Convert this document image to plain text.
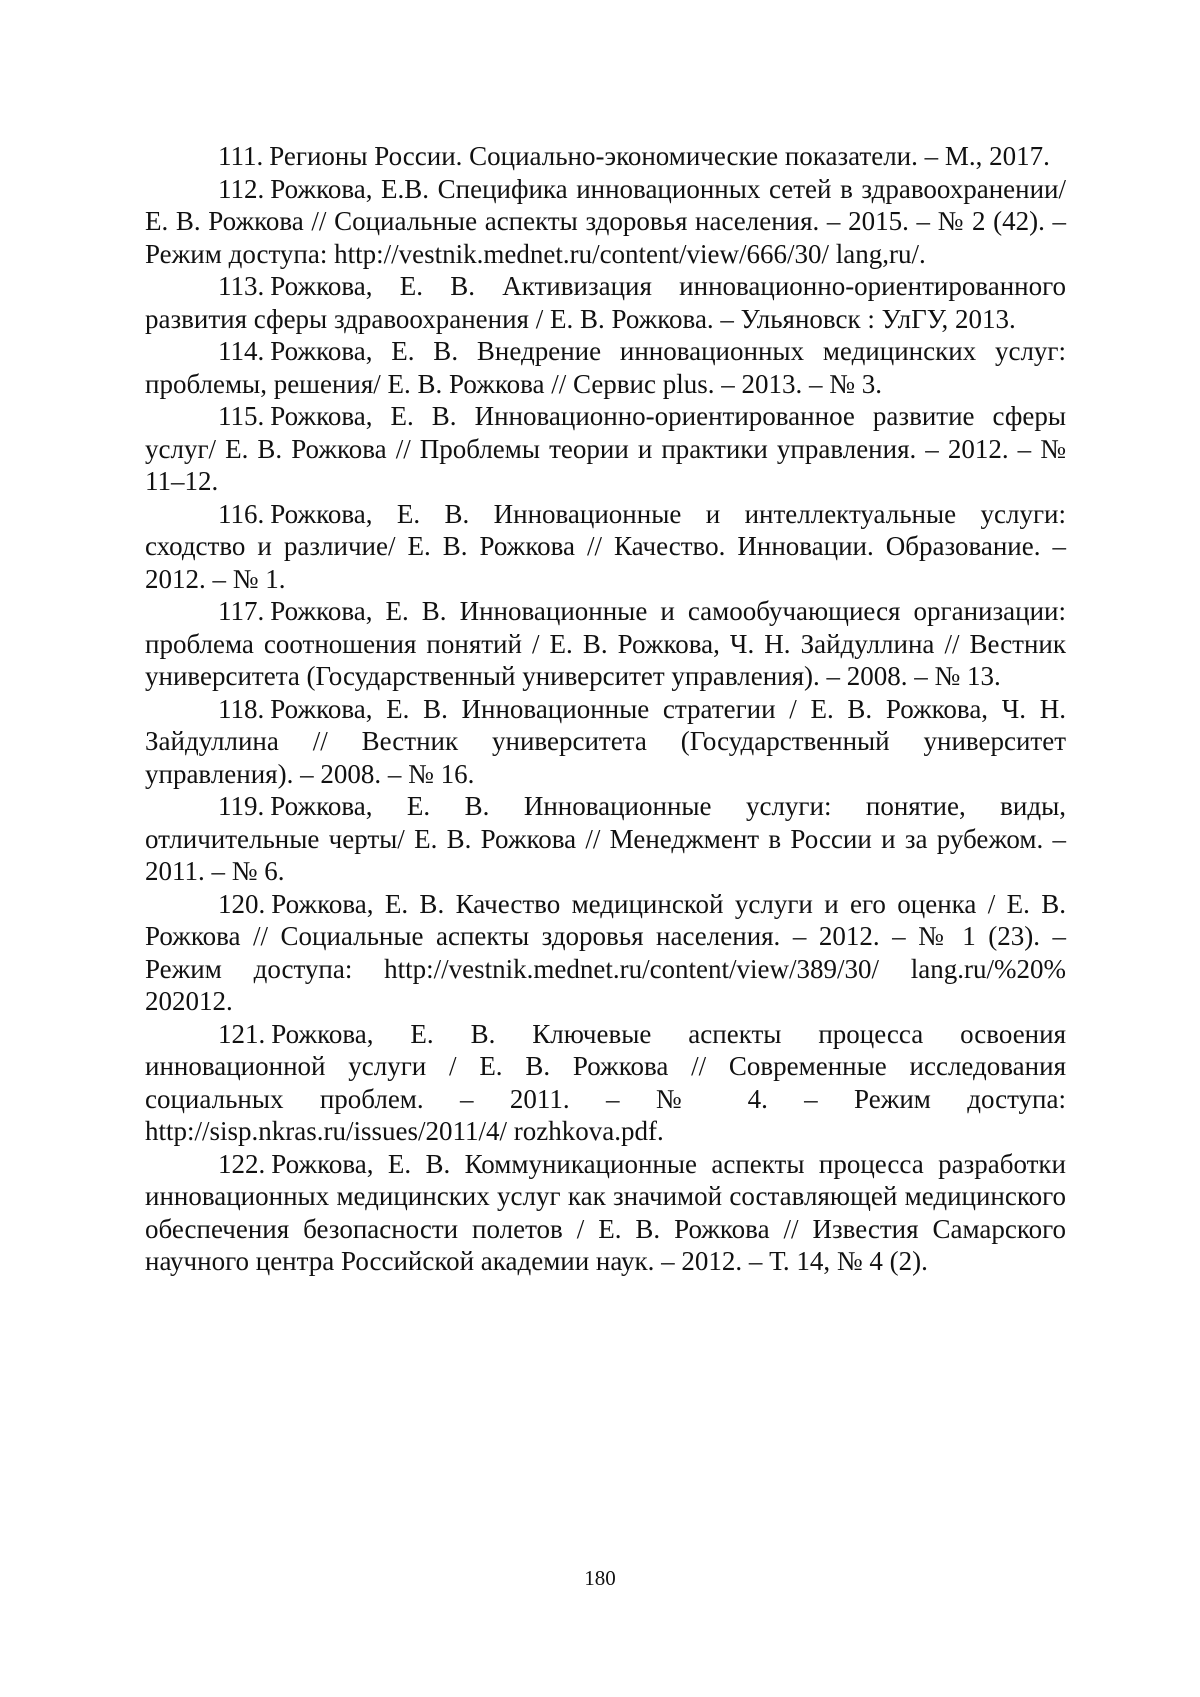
111. Регионы России. Социально-экономические показатели. – М., 2017.
112. Рожкова, Е.В. Специфика инновационных сетей в здравоохранении/ Е. В. Рожкова // Социальные аспекты здоровья населения. – 2015. – № 2 (42). – Режим доступа: http://vestnik.mednet.ru/content/view/666/30/ lang,ru/.
113. Рожкова, Е. В. Активизация инновационно-ориентированного развития сферы здравоохранения / Е. В. Рожкова. – Ульяновск : УлГУ, 2013.
114. Рожкова, Е. В. Внедрение инновационных медицинских услуг: проблемы, решения/ Е. В. Рожкова // Сервис plus. – 2013. – № 3.
115. Рожкова, Е. В. Инновационно-ориентированное развитие сферы услуг/ Е. В. Рожкова // Проблемы теории и практики управления. – 2012. – № 11–12.
116. Рожкова, Е. В. Инновационные и интеллектуальные услуги: сходство и различие/ Е. В. Рожкова // Качество. Инновации. Образование. – 2012. – № 1.
117. Рожкова, Е. В. Инновационные и самообучающиеся организации: проблема соотношения понятий / Е. В. Рожкова, Ч. Н. Зайдуллина // Вестник университета (Государственный университет управления). – 2008. – № 13.
118. Рожкова, Е. В. Инновационные стратегии / Е. В. Рожкова, Ч. Н. Зайдуллина // Вестник университета (Государственный университет управления). – 2008. – № 16.
119. Рожкова, Е. В. Инновационные услуги: понятие, виды, отличительные черты/ Е. В. Рожкова // Менеджмент в России и за рубежом. – 2011. – № 6.
120. Рожкова, Е. В. Качество медицинской услуги и его оценка / Е. В. Рожкова // Социальные аспекты здоровья населения. – 2012. – № 1 (23). – Режим доступа: http://vestnik.mednet.ru/content/view/389/30/ lang.ru/%20% 202012.
121. Рожкова, Е. В. Ключевые аспекты процесса освоения инновационной услуги / Е. В. Рожкова // Современные исследования социальных проблем. – 2011. – № 4. – Режим доступа: http://sisp.nkras.ru/issues/2011/4/ rozhkova.pdf.
122. Рожкова, Е. В. Коммуникационные аспекты процесса разработки инновационных медицинских услуг как значимой составляющей медицинского обеспечения безопасности полетов / Е. В. Рожкова // Известия Самарского научного центра Российской академии наук. – 2012. – Т. 14, № 4 (2).
180
